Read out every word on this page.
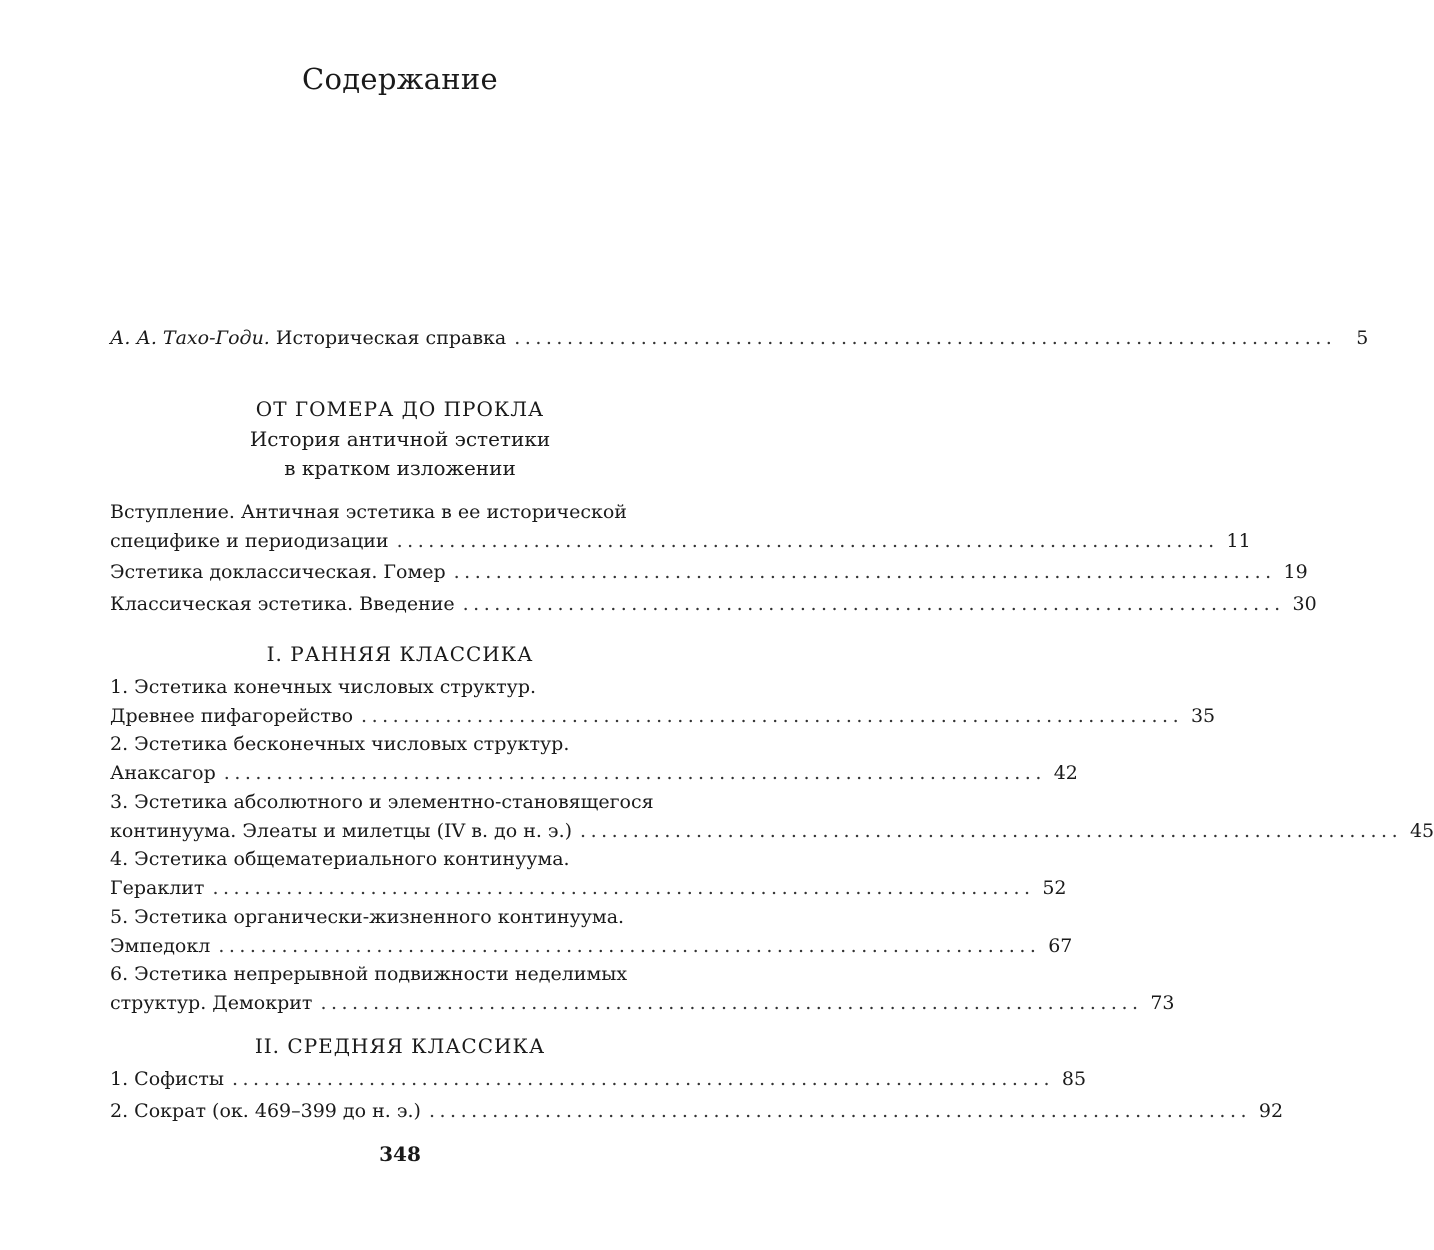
Содержание
А. А. Тахо-Годи. Историческая справка ..............................................................................	5
ОТ ГОМЕРА ДО ПРОКЛА
История античной эстетики
в кратком изложении
Вступление. Античная эстетика в ее исторической
специфике и периодизации .............................................................................. 11
Эстетика доклассическая. Гомер .............................................................................. 19
Классическая эстетика. Введение .............................................................................. 30
I. РАННЯЯ КЛАССИКА
1. Эстетика конечных числовых структур.
Древнее пифагорейство .............................................................................. 35
2. Эстетика бесконечных числовых структур.
Анаксагор .............................................................................. 42
3. Эстетика абсолютного и элементно-становящегося
континуума. Элеаты и милетцы (IV в. до н. э.) .............................................................................. 45
4. Эстетика общематериального континуума.
Гераклит .............................................................................. 52
5. Эстетика органически-жизненного континуума.
Эмпедокл .............................................................................. 67
6. Эстетика непрерывной подвижности неделимых
структур. Демокрит .............................................................................. 73
II. СРЕДНЯЯ КЛАССИКА
1. Софисты .............................................................................. 85
2. Сократ (ок. 469–399 до н. э.) .............................................................................. 92
348
